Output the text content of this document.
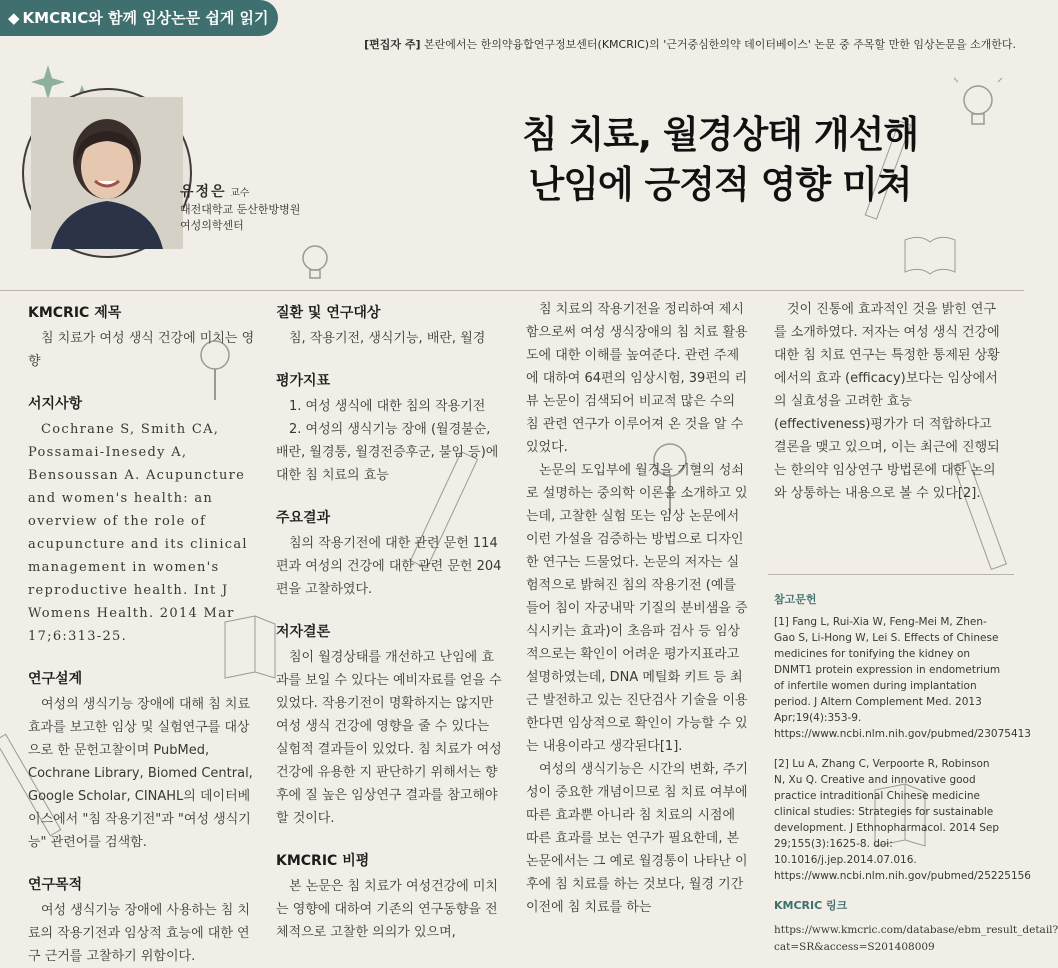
◆ KMCRIC와 함께 임상논문 쉽게 읽기
[편집자 주] 본란에서는 한의약융합연구정보센터(KMCRIC)의 '근거중심한의약 데이터베이스' 논문 중 주목할 만한 임상논문을 소개한다.
유정은 교수
대전대학교 둔산한방병원
여성의학센터
침 치료, 월경상태 개선해
난임에 긍정적 영향 미쳐
KMCRIC 제목
침 치료가 여성 생식 건강에 미치는 영향
서지사항
Cochrane S, Smith CA, Possamai-Inesedy A, Bensoussan A. Acupuncture and women's health: an overview of the role of acupuncture and its clinical management in women's reproductive health. Int J Womens Health. 2014 Mar 17;6:313-25.
연구설계
여성의 생식기능 장애에 대해 침 치료 효과를 보고한 임상 및 실험연구를 대상으로 한 문헌고찰이며 PubMed, Cochrane Library, Biomed Central, Google Scholar, CINAHL의 데이터베이스에서 "침 작용기전"과 "여성 생식기능" 관련어를 검색함.
연구목적
여성 생식기능 장애에 사용하는 침 치료의 작용기전과 임상적 효능에 대한 연구 근거를 고찰하기 위함이다.
질환 및 연구대상
침, 작용기전, 생식기능, 배란, 월경
평가지표
1. 여성 생식에 대한 침의 작용기전
2. 여성의 생식기능 장애 (월경불순, 배란, 월경통, 월경전증후군, 불임 등)에 대한 침 치료의 효능
주요결과
침의 작용기전에 대한 관련 문헌 114편과 여성의 건강에 대한 관련 문헌 204편을 고찰하였다.
저자결론
침이 월경상태를 개선하고 난임에 효과를 보일 수 있다는 예비자료를 얻을 수 있었다. 작용기전이 명확하지는 않지만 여성 생식 건강에 영향을 줄 수 있다는 실험적 결과들이 있었다. 침 치료가 여성건강에 유용한 지 판단하기 위해서는 향후에 질 높은 임상연구 결과를 참고해야 할 것이다.
KMCRIC 비평
본 논문은 침 치료가 여성건강에 미치는 영향에 대하여 기존의 연구동향을 전체적으로 고찰한 의의가 있으며,
침 치료의 작용기전을 정리하여 제시함으로써 여성 생식장애의 침 치료 활용도에 대한 이해를 높여준다. 관련 주제에 대하여 64편의 임상시험, 39편의 리뷰 논문이 검색되어 비교적 많은 수의 침 관련 연구가 이루어져 온 것을 알 수 있었다.
논문의 도입부에 월경을 기혈의 성쇠로 설명하는 중의학 이론을 소개하고 있는데, 고찰한 실험 또는 임상 논문에서 이런 가설을 검증하는 방법으로 디자인한 연구는 드물었다. 논문의 저자는 실험적으로 밝혀진 침의 작용기전 (예를 들어 침이 자궁내막 기질의 분비샘을 증식시키는 효과)이 초음파 검사 등 임상적으로는 확인이 어려운 평가지표라고 설명하였는데, DNA 메틸화 키트 등 최근 발전하고 있는 진단검사 기술을 이용한다면 임상적으로 확인이 가능할 수 있는 내용이라고 생각된다[1].
여성의 생식기능은 시간의 변화, 주기성이 중요한 개념이므로 침 치료 여부에 따른 효과뿐 아니라 침 치료의 시점에 따른 효과를 보는 연구가 필요한데, 본 논문에서는 그 예로 월경통이 나타난 이후에 침 치료를 하는 것보다, 월경 기간 이전에 침 치료를 하는
것이 진통에 효과적인 것을 밝힌 연구를 소개하였다. 저자는 여성 생식 건강에 대한 침 치료 연구는 특정한 통제된 상황에서의 효과 (efficacy)보다는 임상에서의 실효성을 고려한 효능(effectiveness)평가가 더 적합하다고 결론을 맺고 있으며, 이는 최근에 진행되는 한의약 임상연구 방법론에 대한 논의와 상통하는 내용으로 볼 수 있다[2].
참고문헌
[1] Fang L, Rui-Xia W, Feng-Mei M, Zhen-Gao S, Li-Hong W, Lei S. Effects of Chinese medicines for tonifying the kidney on DNMT1 protein expression in endometrium of infertile women during implantation period. J Altern Complement Med. 2013 Apr;19(4):353-9. https://www.ncbi.nlm.nih.gov/pubmed/23075413
[2] Lu A, Zhang C, Verpoorte R, Robinson N, Xu Q. Creative and innovative good practice intraditional Chinese medicine clinical studies: Strategies for sustainable development. J Ethnopharmacol. 2014 Sep 29;155(3):1625-8. doi: 10.1016/j.jep.2014.07.016. https://www.ncbi.nlm.nih.gov/pubmed/25225156
KMCRIC 링크
https://www.kmcric.com/database/ebm_result_detail?cat=SR&access=S201408009
